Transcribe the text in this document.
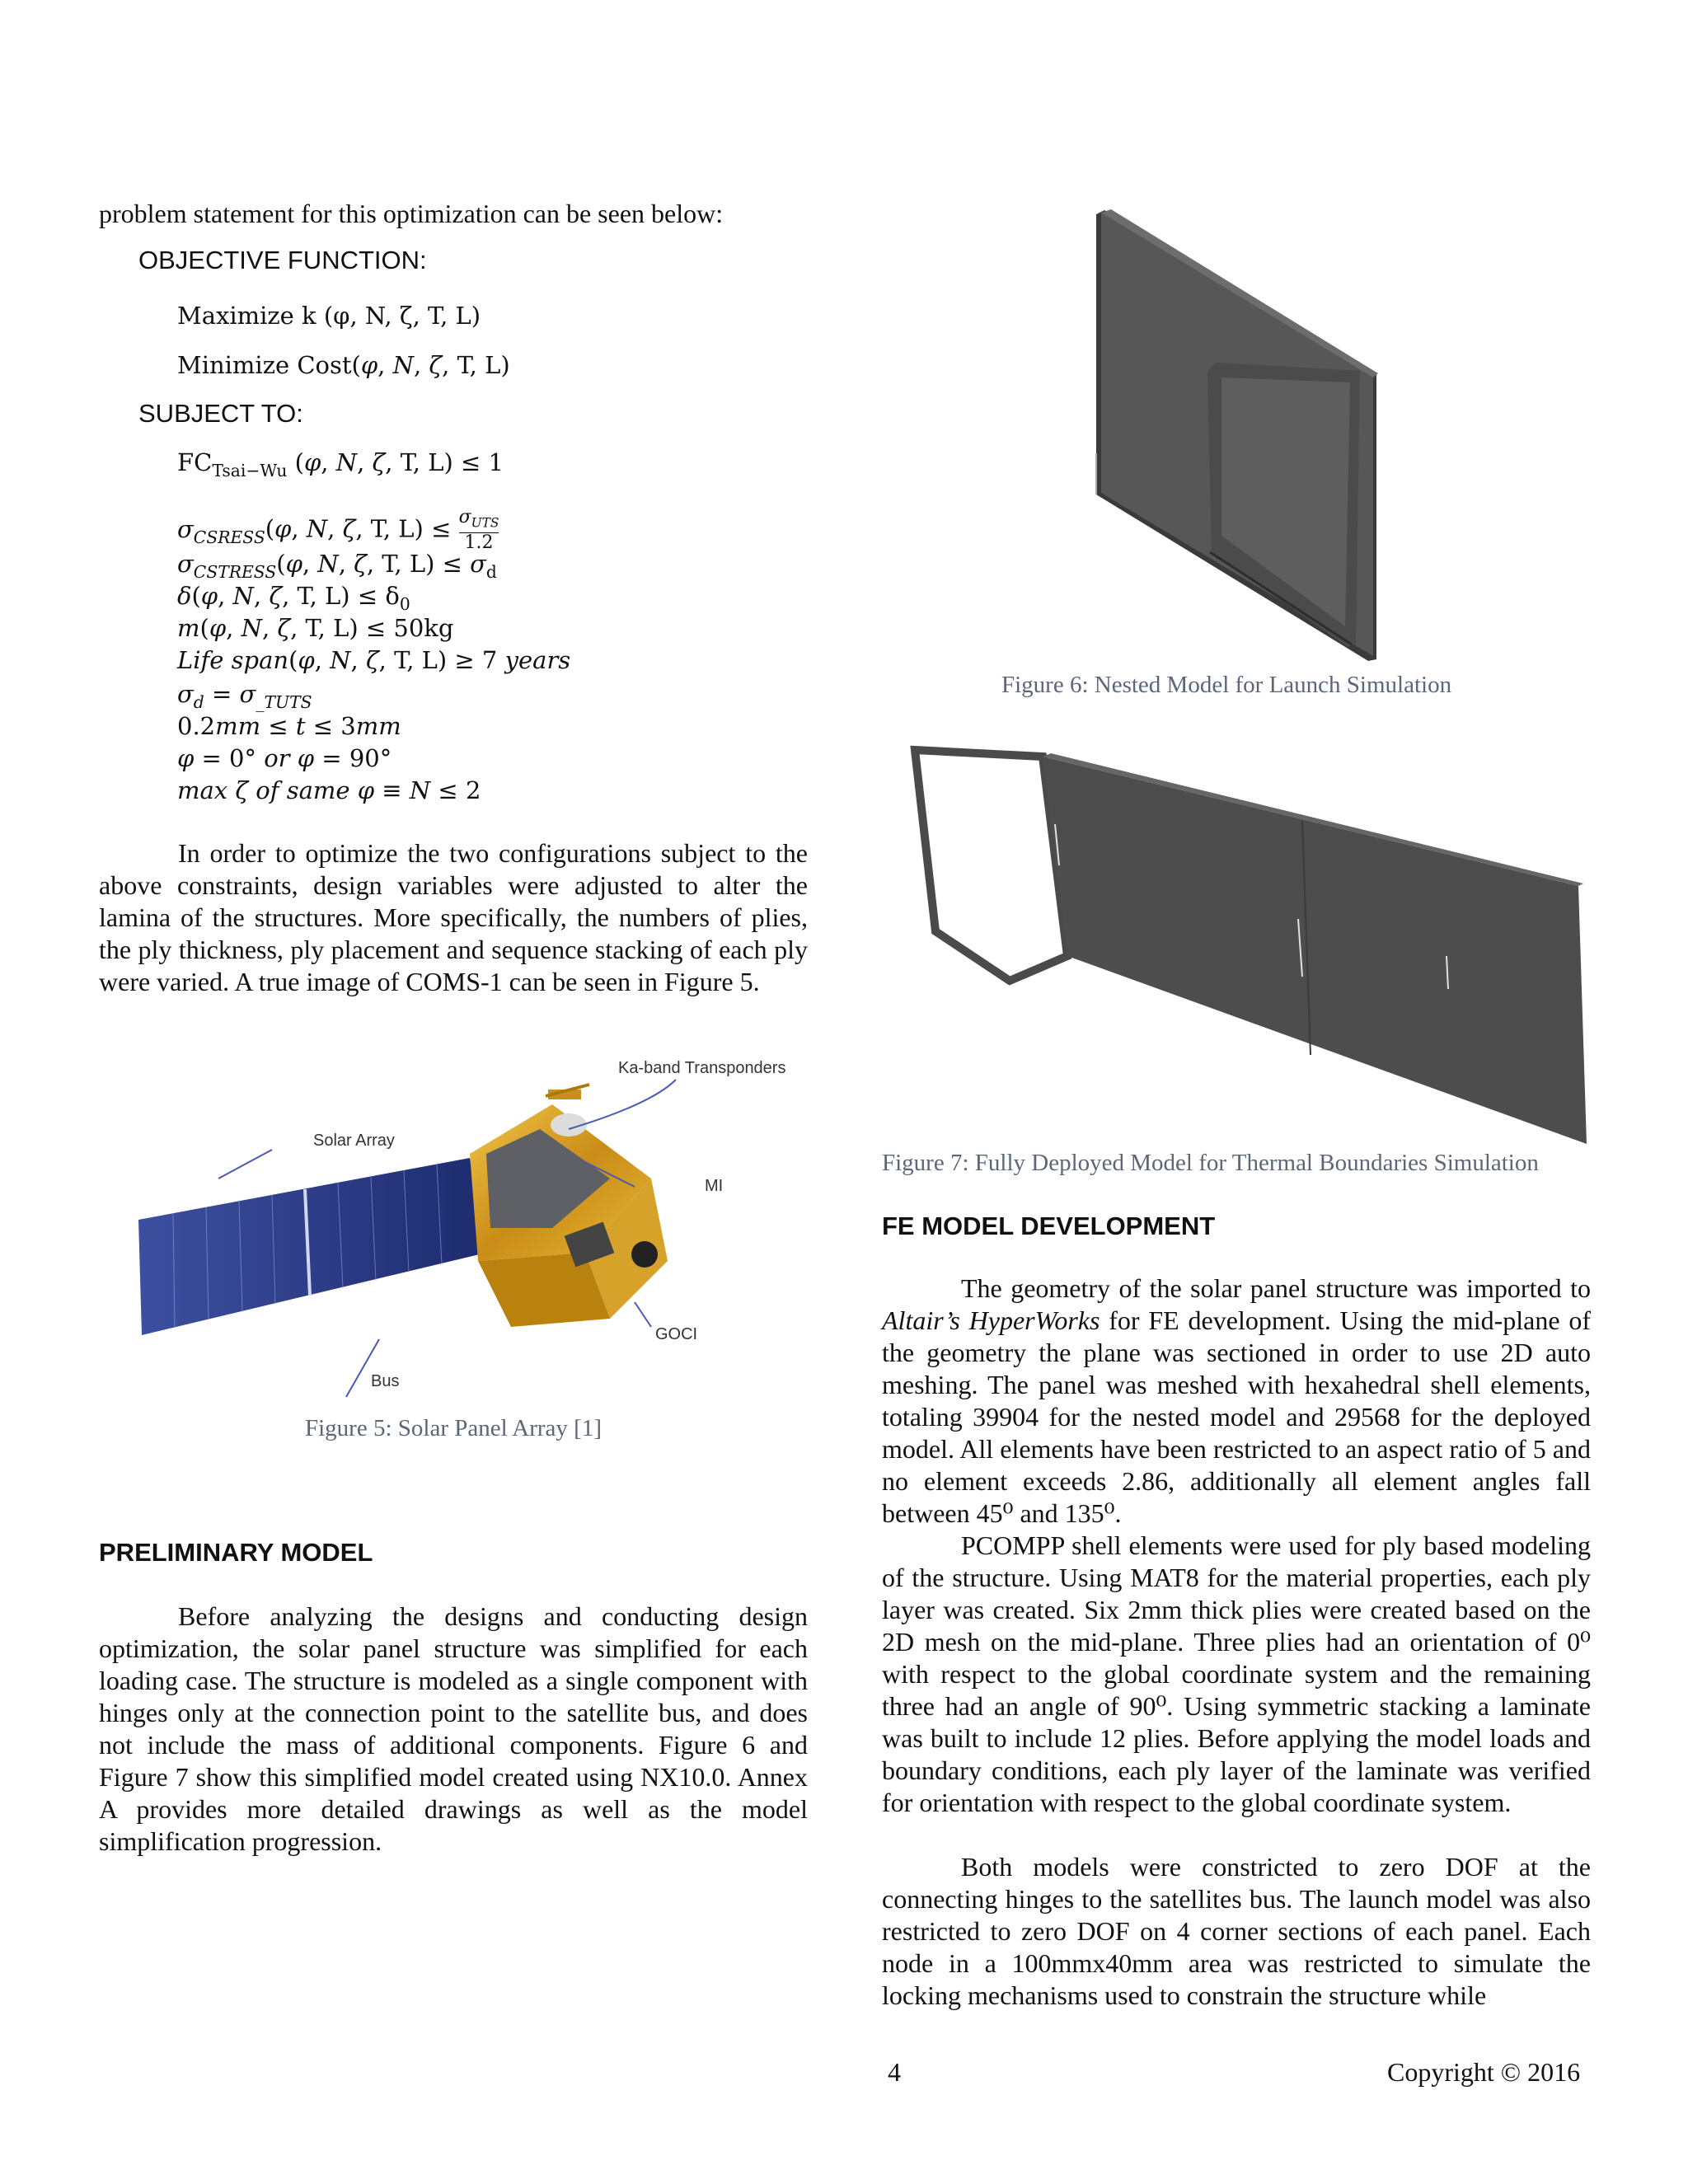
problem statement for this optimization can be seen below:
OBJECTIVE FUNCTION:
Maximize k (φ, N, ζ, T, L)
Minimize Cost(φ, N, ζ, T, L)
SUBJECT TO:
$FC_{Tsai-Wu}$ (φ, N, ζ, T, L) ≤ 1
$\sigma_{CSRESS}(\varphi$, N, ζ, T, $L) \le \sigma_{UTS}$
1.2
$\sigma_{CSTRESS}(\varphi$, N, ζ, T, $L) \le \sigma_d$
δ(φ, N, ζ, T, $L) \le \delta_0$
m(φ, N, ζ, T, L) ≤ 50kg
Life span(φ, N, ζ, T, L) ≥ 7 years
$\sigma_d = \sigma_{\_TUTS}$
0.2mm ≤ t ≤ 3mm
φ = 0° or φ = 90°
max ζ of same φ ≡ N ≤ 2
In order to optimize the two configurations subject to the above constraints, design variables were adjusted to alter the lamina of the structures. More specifically, the numbers of plies, the ply thickness, ply placement and sequence stacking of each ply were varied. A true image of COMS-1 can be seen in Figure 5.
Ka-band Transponders
Solar Array
MI
GOCI
Bus
Figure 5: Solar Panel Array [1]
PRELIMINARY MODEL
Before analyzing the designs and conducting design optimization, the solar panel structure was simplified for each loading case. The structure is modeled as a single component with hinges only at the connection point to the satellite bus, and does not include the mass of additional components. Figure 6 and Figure 7 show this simplified model created using NX10.0. Annex A provides more detailed drawings as well as the model simplification progression.
Figure 6: Nested Model for Launch Simulation
Figure 7: Fully Deployed Model for Thermal Boundaries Simulation
FE MODEL DEVELOPMENT
The geometry of the solar panel structure was imported to Altair’s HyperWorks for FE development. Using the mid-plane of the geometry the plane was sectioned in order to use 2D auto meshing. The panel was meshed with hexahedral shell elements, totaling 39904 for the nested model and 29568 for the deployed model. All elements have been restricted to an aspect ratio of 5 and no element exceeds 2.86, additionally all element angles fall between 45⁰ and 135⁰.
PCOMPP shell elements were used for ply based modeling of the structure. Using MAT8 for the material properties, each ply layer was created. Six 2mm thick plies were created based on the 2D mesh on the mid-plane. Three plies had an orientation of 0⁰ with respect to the global coordinate system and the remaining three had an angle of 90⁰. Using symmetric stacking a laminate was built to include 12 plies. Before applying the model loads and boundary conditions, each ply layer of the laminate was verified for orientation with respect to the global coordinate system.
Both models were constricted to zero DOF at the connecting hinges to the satellites bus. The launch model was also restricted to zero DOF on 4 corner sections of each panel. Each node in a 100mmx40mm area was restricted to simulate the locking mechanisms used to constrain the structure while
4	Copyright © 2016
